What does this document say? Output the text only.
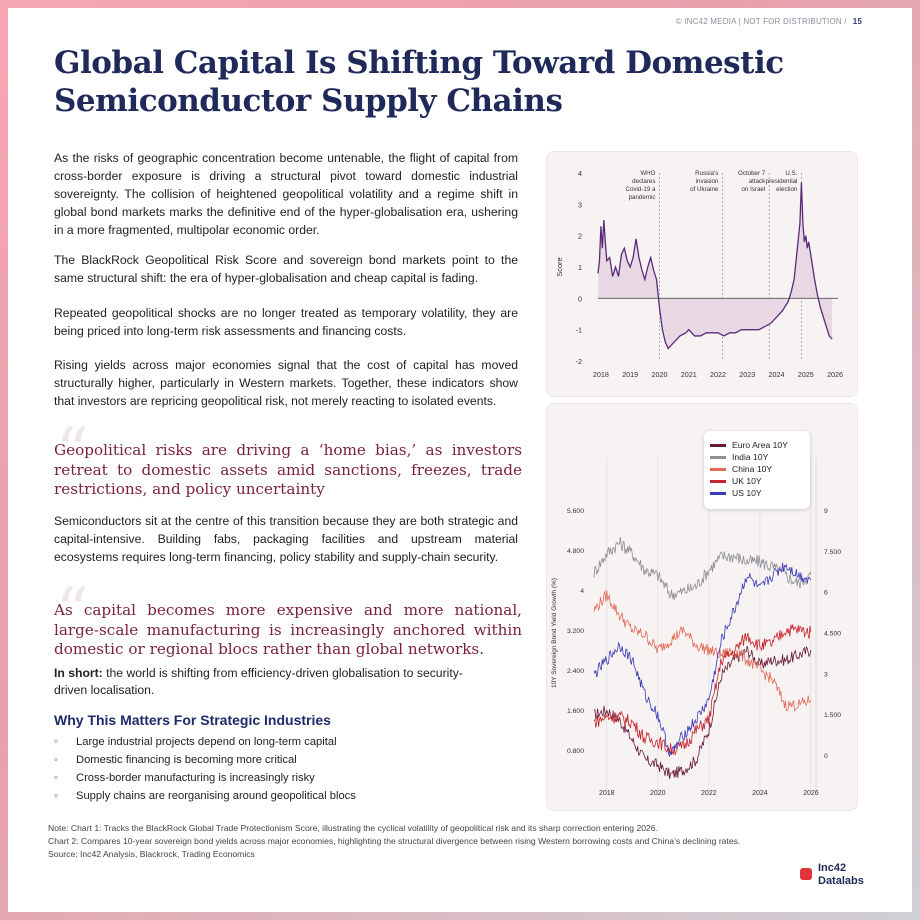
© INC42 MEDIA | NOT FOR DISTRIBUTION / 15
Global Capital Is Shifting Toward Domestic Semiconductor Supply Chains

As the risks of geographic concentration become untenable, the flight of capital from cross-border exposure is driving a structural pivot toward domestic industrial sovereignty. The collision of heightened geopolitical volatility and a regime shift in global bond markets marks the definitive end of the hyper-globalisation era, ushering in a more fragmented, multipolar economic order.

The BlackRock Geopolitical Risk Score and sovereign bond markets point to the same structural shift: the era of hyper-globalisation and cheap capital is fading.

Repeated geopolitical shocks are no longer treated as temporary volatility, they are being priced into long-term risk assessments and financing costs.

Rising yields across major economies signal that the cost of capital has moved structurally higher, particularly in Western markets. Together, these indicators show that investors are repricing geopolitical risk, not merely reacting to isolated events.

“

Geopolitical risks are driving a ‘home bias,’ as investors retreat to domestic assets amid sanctions, freezes, trade restrictions, and policy uncertainty

Semiconductors sit at the centre of this transition because they are both strategic and capital-intensive. Building fabs, packaging facilities and upstream material ecosystems requires long-term financing, policy stability and supply-chain security.

“

As capital becomes more expensive and more national, large-scale manufacturing is increasingly anchored within domestic or regional blocs rather than global networks.

In short: the world is shifting from efficiency-driven globalisation to security-driven localisation.
Why This Matters For Strategic Industries
◦ Large industrial projects depend on long-term capital
◦ Domestic financing is becoming more critical
◦ Cross-border manufacturing is increasingly risky
◦ Supply chains are reorganising around geopolitical blocs
4
3
2
1
0
-1
-2
Score
2018 2019 2020 2021 2022 2023 2024 2025 2026
WHO declares Covid-19 a pandemic
Russia's invasion of Ukraine
October 7 attack on Israel
U.S. presidential election
5.600
4.800
4
3.200
2.400
1.600
0.800
9
7.500
6
4.500
3
1.500
0
2018	2020	2022	2024	2026
10Y Sovereign Bond Yield Growth (%)
Euro Area 10Y
India 10Y
China 10Y
UK 10Y
US 10Y
Note: Chart 1: Tracks the BlackRock Global Trade Protectionism Score, illustrating the cyclical volatility of geopolitical risk and its sharp correction entering 2026.
Chart 2: Compares 10-year sovereign bond yields across major economies, highlighting the structural divergence between rising Western borrowing costs and China’s declining rates.
Source: Inc42 Analysis, Blackrock, Trading Economics
Inc42
Datalabs
